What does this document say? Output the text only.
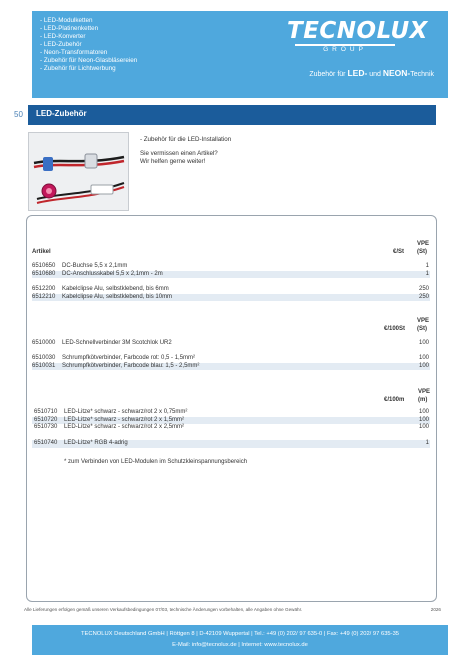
- LED-Modulketten
- LED-Platinenketten
- LED-Konverter
- LED-Zubehör
- Neon-Transformatoren
- Zubehör für Neon-Glasbläsereien
- Zubehör für Lichtwerbung
TECNOLUX
GROUP
Zubehör für LED- und NEON-Technik
50 LED-Zubehör
- Zubehör für die LED-Installation
Sie vermissen einen Artikel?
Wir helfen gerne weiter!
Artikel	€/St
VPE
(St)
6510650 DC-Buchse 5,5 x 2,1mm	1
6510680 DC-Anschlusskabel 5,5 x 2,1mm - 2m	1
6512200 Kabelclipse Alu, selbstklebend, bis 6mm	250
6512210 Kabelclipse Alu, selbstklebend, bis 10mm	250
€/100St
VPE
(St)
6510000 LED-Schnellverbinder 3M Scotchlok UR2	100
6510030 Schrumpfkötverbinder, Farbcode rot: 0,5 - 1,5mm²	100
6510031 Schrumpfkötverbinder, Farbcode blau: 1,5 - 2,5mm²	100
€/100m
VPE
(m)
6510710 LED-Litze* schwarz - schwarz/rot 2 x 0,75mm²	100
6510720 LED-Litze* schwarz - schwarz/rot 2 x 1,5mm²	100
6510730 LED-Litze* schwarz - schwarz/rot 2 x 2,5mm²	100
6510740 LED-Litze* RGB 4-adrig	1
* zum Verbinden von LED-Modulen im Schutzkleinspannungsbereich
Alle Lieferungen erfolgen gemäß unseren Verkaufsbedingungen 07/03, technische Änderungen vorbehalten, alle Angaben ohne Gewähr.	2026
TECNOLUX Deutschland GmbH | Röttgen 8 | D-42109 Wuppertal | Tel.: +49 (0) 202/ 97 635-0 | Fax: +49 (0) 202/ 97 635-35
E-Mail: info@tecnolux.de | Internet: www.tecnolux.de
